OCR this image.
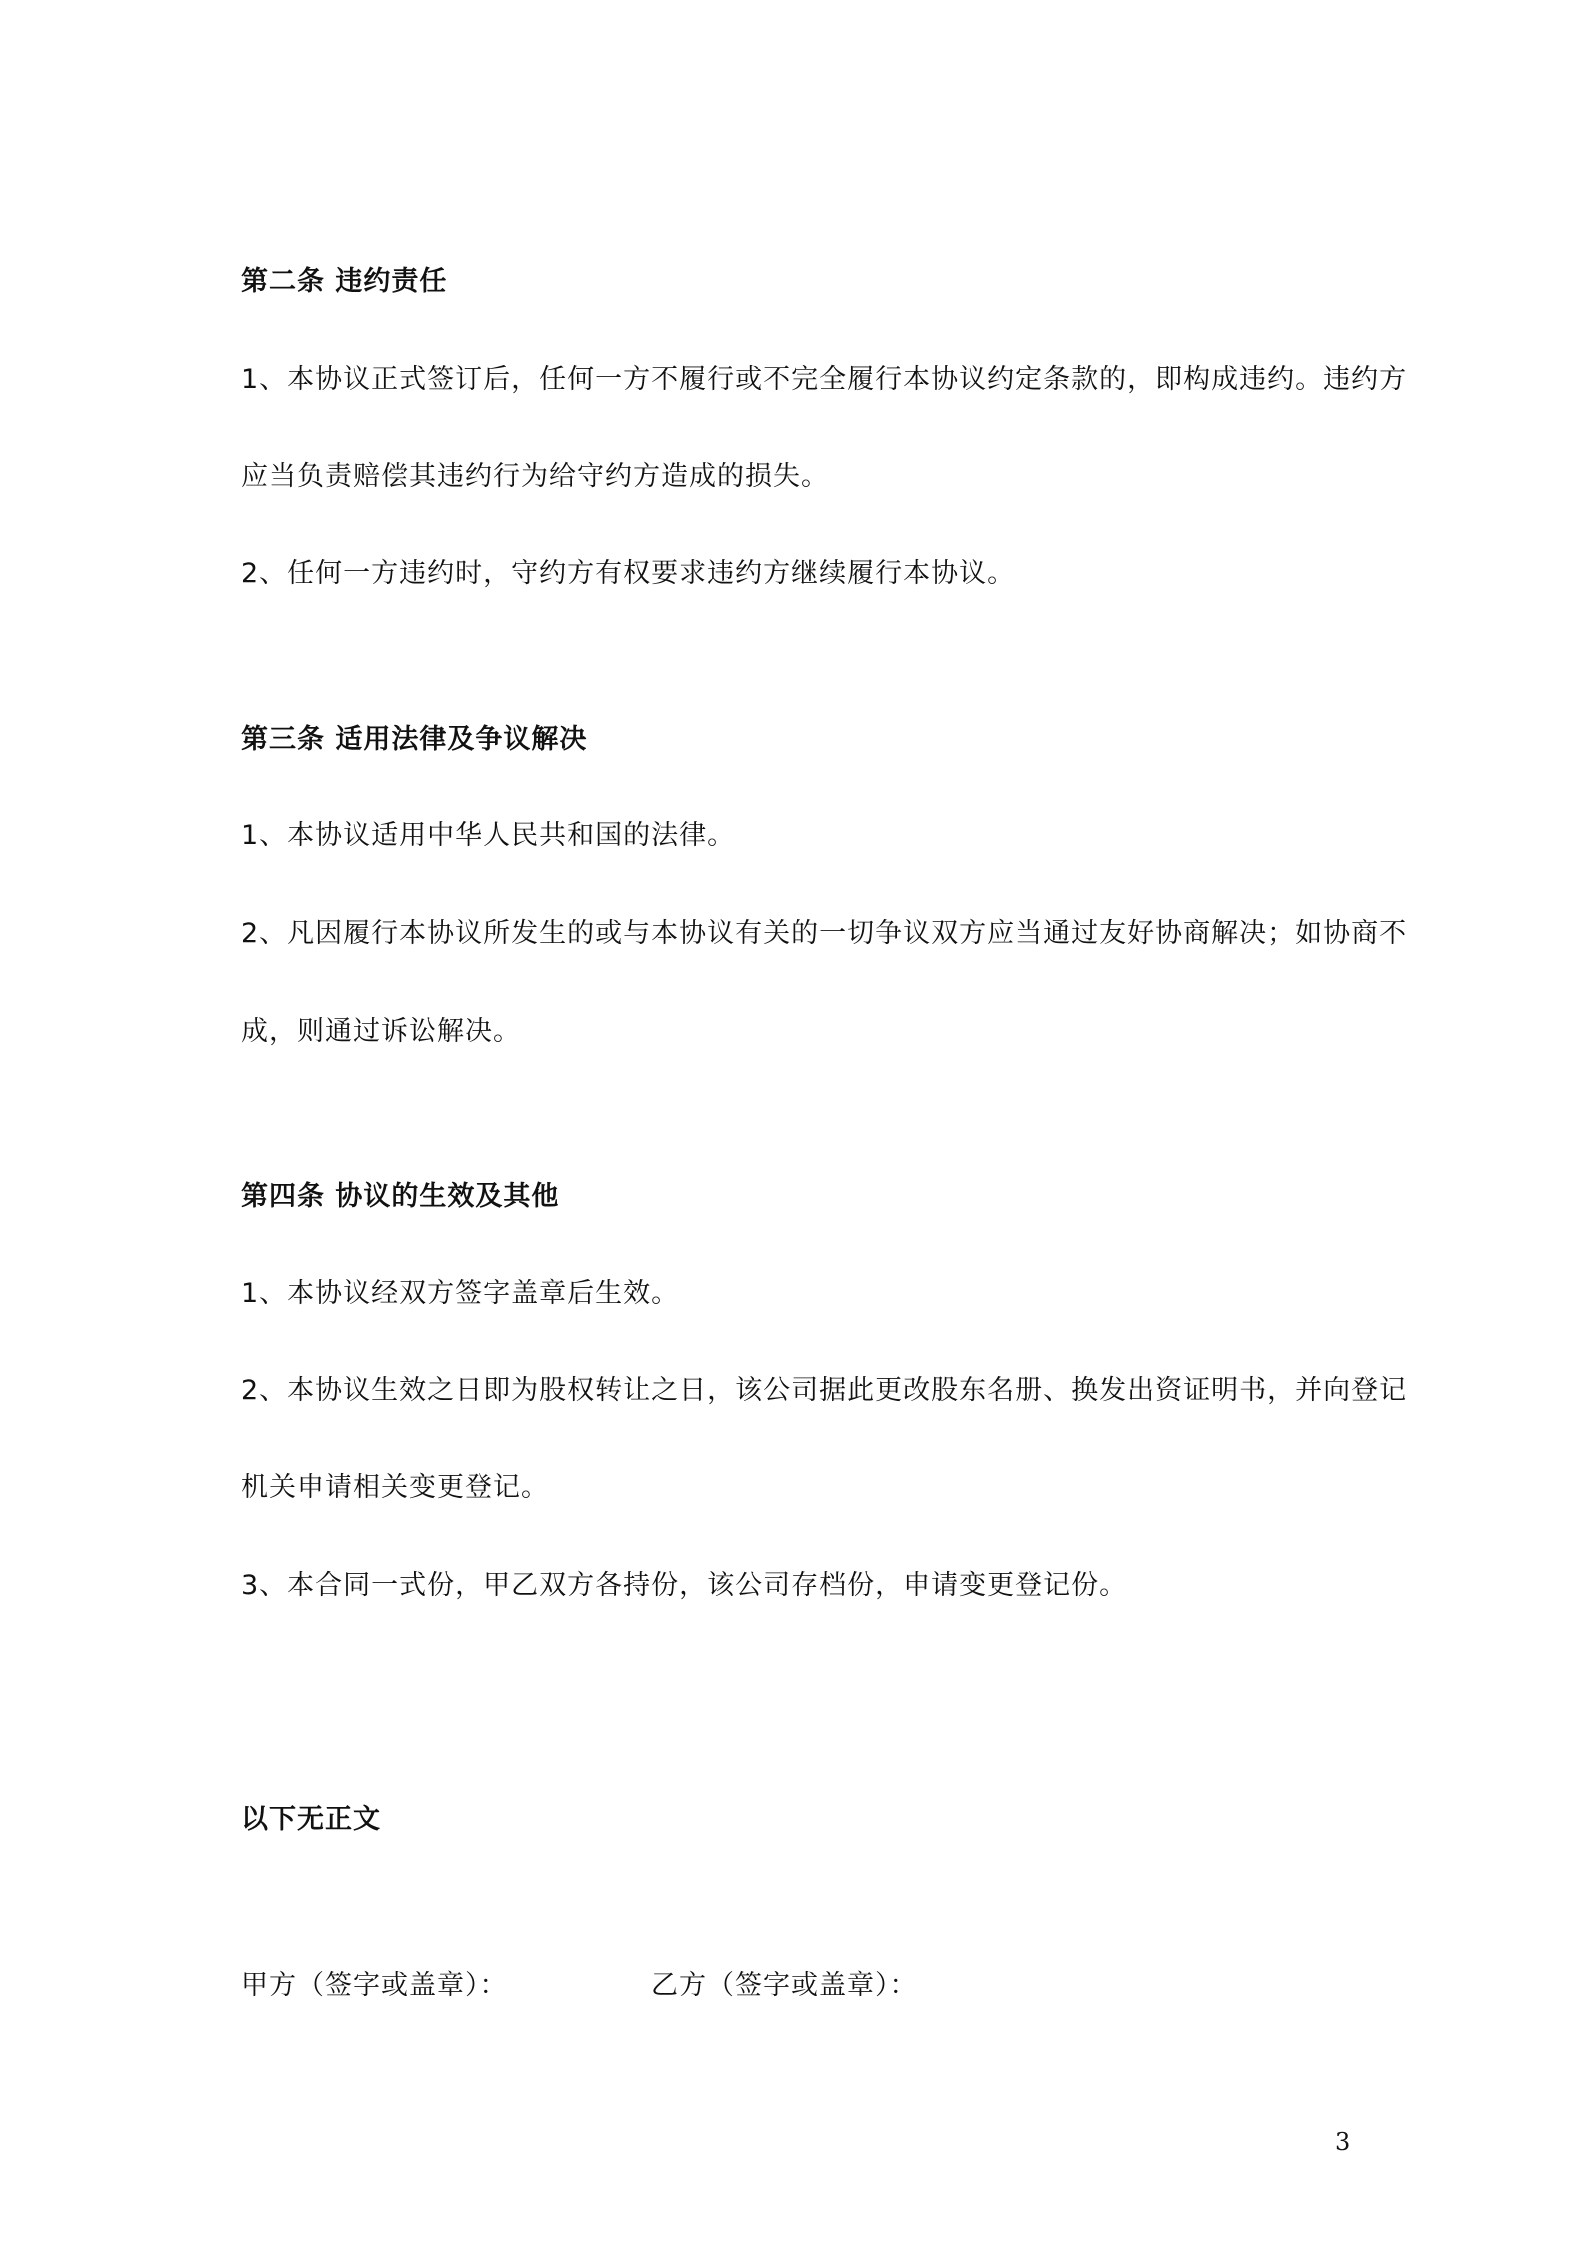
第二条 违约责任

1、本协议正式签订后，任何一方不履行或不完全履行本协议约定条款的，即构成违约。违约方

应当负责赔偿其违约行为给守约方造成的损失。

2、任何一方违约时，守约方有权要求违约方继续履行本协议。

第三条 适用法律及争议解决

1、本协议适用中华人民共和国的法律。

2、凡因履行本协议所发生的或与本协议有关的一切争议双方应当通过友好协商解决；如协商不

成，则通过诉讼解决。

第四条 协议的生效及其他

1、本协议经双方签字盖章后生效。

2、本协议生效之日即为股权转让之日，该公司据此更改股东名册、换发出资证明书，并向登记

机关申请相关变更登记。

3、本合同一式份，甲乙双方各持份，该公司存档份，申请变更登记份。

以下无正文

甲方（签字或盖章）：	乙方（签字或盖章）：

3
